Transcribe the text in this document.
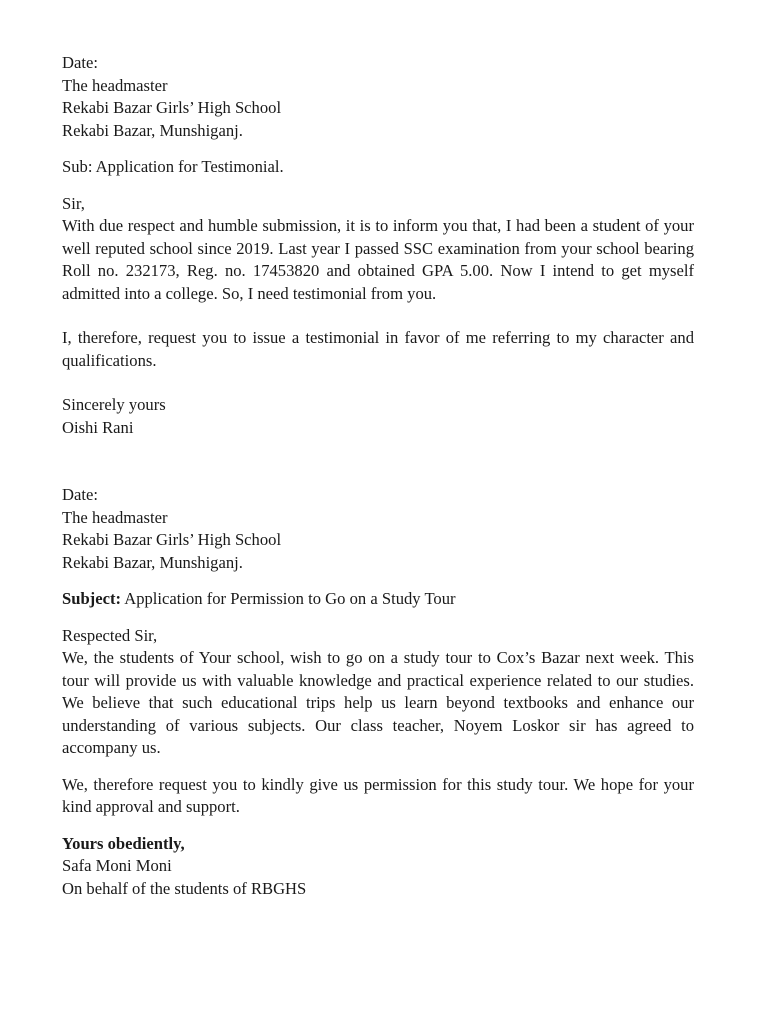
Date:
The headmaster
Rekabi Bazar Girls’ High School
Rekabi Bazar, Munshiganj.
Sub: Application for Testimonial.
Sir,
With due respect and humble submission, it is to inform you that, I had been a student of your well reputed school since 2019. Last year I passed SSC examination from your school bearing Roll no. 232173, Reg. no. 17453820 and obtained GPA 5.00. Now I intend to get myself admitted into a college. So, I need testimonial from you.
I, therefore, request you to issue a testimonial in favor of me referring to my character and qualifications.
Sincerely yours
Oishi Rani
Date:
The headmaster
Rekabi Bazar Girls’ High School
Rekabi Bazar, Munshiganj.
Subject: Application for Permission to Go on a Study Tour
Respected Sir,
We, the students of Your school, wish to go on a study tour to Cox’s Bazar next week. This tour will provide us with valuable knowledge and practical experience related to our studies. We believe that such educational trips help us learn beyond textbooks and enhance our understanding of various subjects. Our class teacher, Noyem Loskor sir has agreed to accompany us.
We, therefore request you to kindly give us permission for this study tour. We hope for your kind approval and support.
Yours obediently,
Safa Moni Moni
On behalf of the students of RBGHS
